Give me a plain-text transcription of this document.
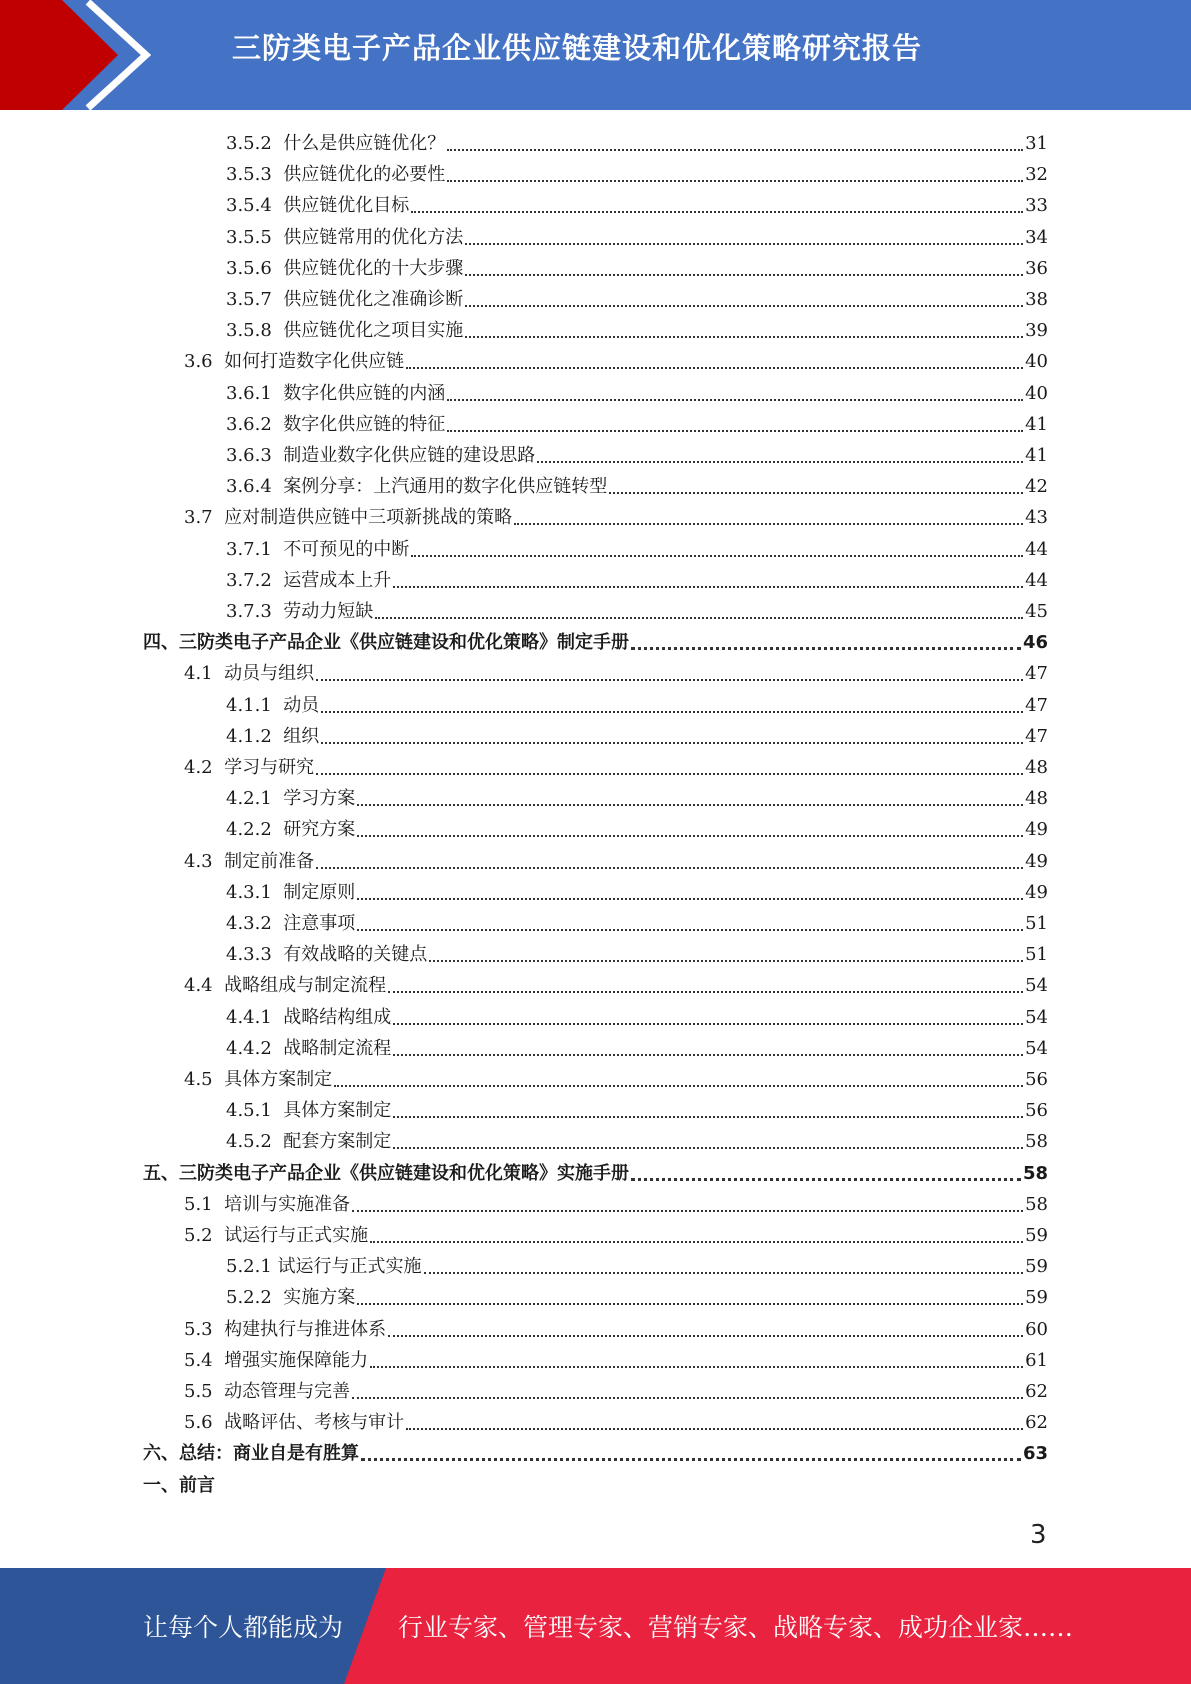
三防类电子产品企业供应链建设和优化策略研究报告
3.5.2 什么是供应链优化？	31
3.5.3 供应链优化的必要性	32
3.5.4 供应链优化目标	33
3.5.5 供应链常用的优化方法	34
3.5.6 供应链优化的十大步骤	36
3.5.7 供应链优化之准确诊断	38
3.5.8 供应链优化之项目实施	39
3.6 如何打造数字化供应链	40
3.6.1 数字化供应链的内涵	40
3.6.2 数字化供应链的特征	41
3.6.3 制造业数字化供应链的建设思路	41
3.6.4 案例分享：上汽通用的数字化供应链转型	42
3.7 应对制造供应链中三项新挑战的策略	43
3.7.1 不可预见的中断	44
3.7.2 运营成本上升	44
3.7.3 劳动力短缺	45
四、三防类电子产品企业《供应链建设和优化策略》制定手册	46
4.1 动员与组织	47
4.1.1 动员	47
4.1.2 组织	47
4.2 学习与研究	48
4.2.1 学习方案	48
4.2.2 研究方案	49
4.3 制定前准备	49
4.3.1 制定原则	49
4.3.2 注意事项	51
4.3.3 有效战略的关键点	51
4.4 战略组成与制定流程	54
4.4.1 战略结构组成	54
4.4.2 战略制定流程	54
4.5 具体方案制定	56
4.5.1 具体方案制定	56
4.5.2 配套方案制定	58
五、三防类电子产品企业《供应链建设和优化策略》实施手册	58
5.1 培训与实施准备	58
5.2 试运行与正式实施	59
5.2.1 试运行与正式实施	59
5.2.2 实施方案	59
5.3 构建执行与推进体系	60
5.4 增强实施保障能力	61
5.5 动态管理与完善	62
5.6 战略评估、考核与审计	62
六、总结：商业自是有胜算	63
一、前言
3
让每个人都能成为 行业专家、管理专家、营销专家、战略专家、成功企业家……
